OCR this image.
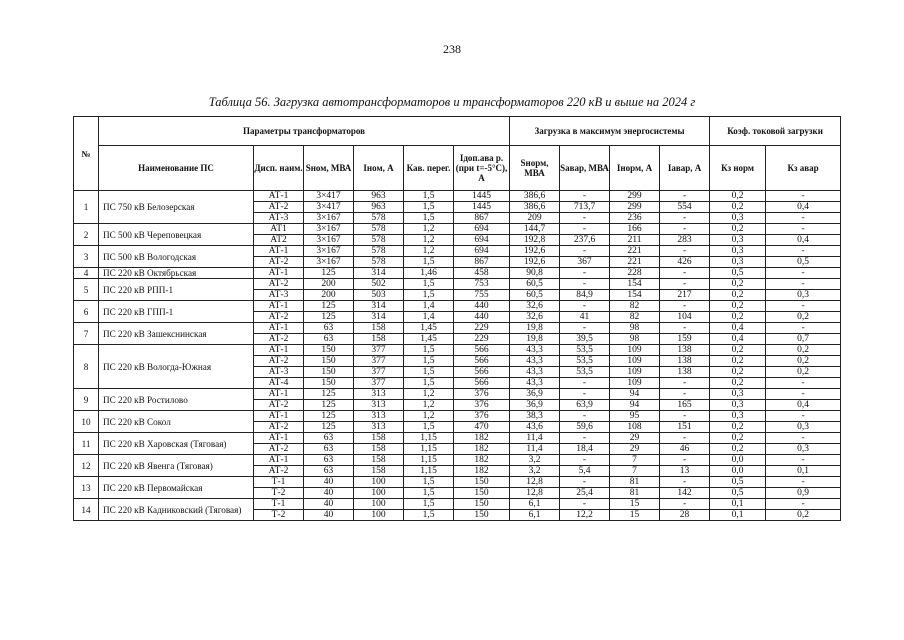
238
Таблица 56. Загрузка автотрансформаторов и трансформаторов 220 кВ и выше на 2024 г
№	Параметры трансформаторов						Загрузка в максимум энергосистемы				Коэф. токовой загрузки	
	Наименование ПС	Дисп. наим.	Sном, МВА	Iном, А	Кав. перег.	Iдоп.ава р. (при t=-5°C), А	Sнорм, МВА	Sавар, МВА	Iнорм, А	Iавар, А	Кз норм	Кз авар
1	ПС 750 кВ Белозерская	АТ-1	3×417	963	1,5	1445	386,6	-	299	-	0,2	-
		АТ-2	3×417	963	1,5	1445	386,6	713,7	299	554	0,2	0,4
		АТ-3	3×167	578	1,5	867	209	-	236	-	0,3	-
2	ПС 500 кВ Череповецкая	АТ1	3×167	578	1,2	694	144,7	-	166	-	0,2	-
		АТ2	3×167	578	1,2	694	192,8	237,6	211	283	0,3	0,4
3	ПС 500 кВ Вологодская	АТ-1	3×167	578	1,2	694	192,6	-	221	-	0,3	-
		АТ-2	3×167	578	1,5	867	192,6	367	221	426	0,3	0,5
4	ПС 220 кВ Октябрьская	АТ-1	125	314	1,46	458	90,8	-	228	-	0,5	-
5	ПС 220 кВ РПП-1	АТ-2	200	502	1,5	753	60,5	-	154	-	0,2	-
		АТ-3	200	503	1,5	755	60,5	84,9	154	217	0,2	0,3
6	ПС 220 кВ ГПП-1	АТ-1	125	314	1,4	440	32,6	-	82	-	0,2	-
		АТ-2	125	314	1,4	440	32,6	41	82	104	0,2	0,2
7	ПС 220 кВ Зашекснинская	АТ-1	63	158	1,45	229	19,8	-	98	-	0,4	-
		АТ-2	63	158	1,45	229	19,8	39,5	98	159	0,4	0,7
8	ПС 220 кВ Вологда-Южная	АТ-1	150	377	1,5	566	43,3	53,5	109	138	0,2	0,2
		АТ-2	150	377	1,5	566	43,3	53,5	109	138	0,2	0,2
		АТ-3	150	377	1,5	566	43,3	53,5	109	138	0,2	0,2
		АТ-4	150	377	1,5	566	43,3	-	109	-	0,2	-
9	ПС 220 кВ Ростилово	АТ-1	125	313	1,2	376	36,9	-	94	-	0,3	-
		АТ-2	125	313	1,2	376	36,9	63,9	94	165	0,3	0,4
10	ПС 220 кВ Сокол	АТ-1	125	313	1,2	376	38,3	-	95	-	0,3	-
		АТ-2	125	313	1,5	470	43,6	59,6	108	151	0,2	0,3
11	ПС 220 кВ Харовская (Тяговая)	АТ-1	63	158	1,15	182	11,4	-	29	-	0,2	-
		АТ-2	63	158	1,15	182	11,4	18,4	29	46	0,2	0,3
12	ПС 220 кВ Явенга (Тяговая)	АТ-1	63	158	1,15	182	3,2	-	7	-	0,0	-
		АТ-2	63	158	1,15	182	3,2	5,4	7	13	0,0	0,1
13	ПС 220 кВ Первомайская	Т-1	40	100	1,5	150	12,8	-	81	-	0,5	-
		Т-2	40	100	1,5	150	12,8	25,4	81	142	0,5	0,9
14	ПС 220 кВ Кадниковский (Тяговая)	Т-1	40	100	1,5	150	6,1	-	15	-	0,1	-
		Т-2	40	100	1,5	150	6,1	12,2	15	28	0,1	0,2
